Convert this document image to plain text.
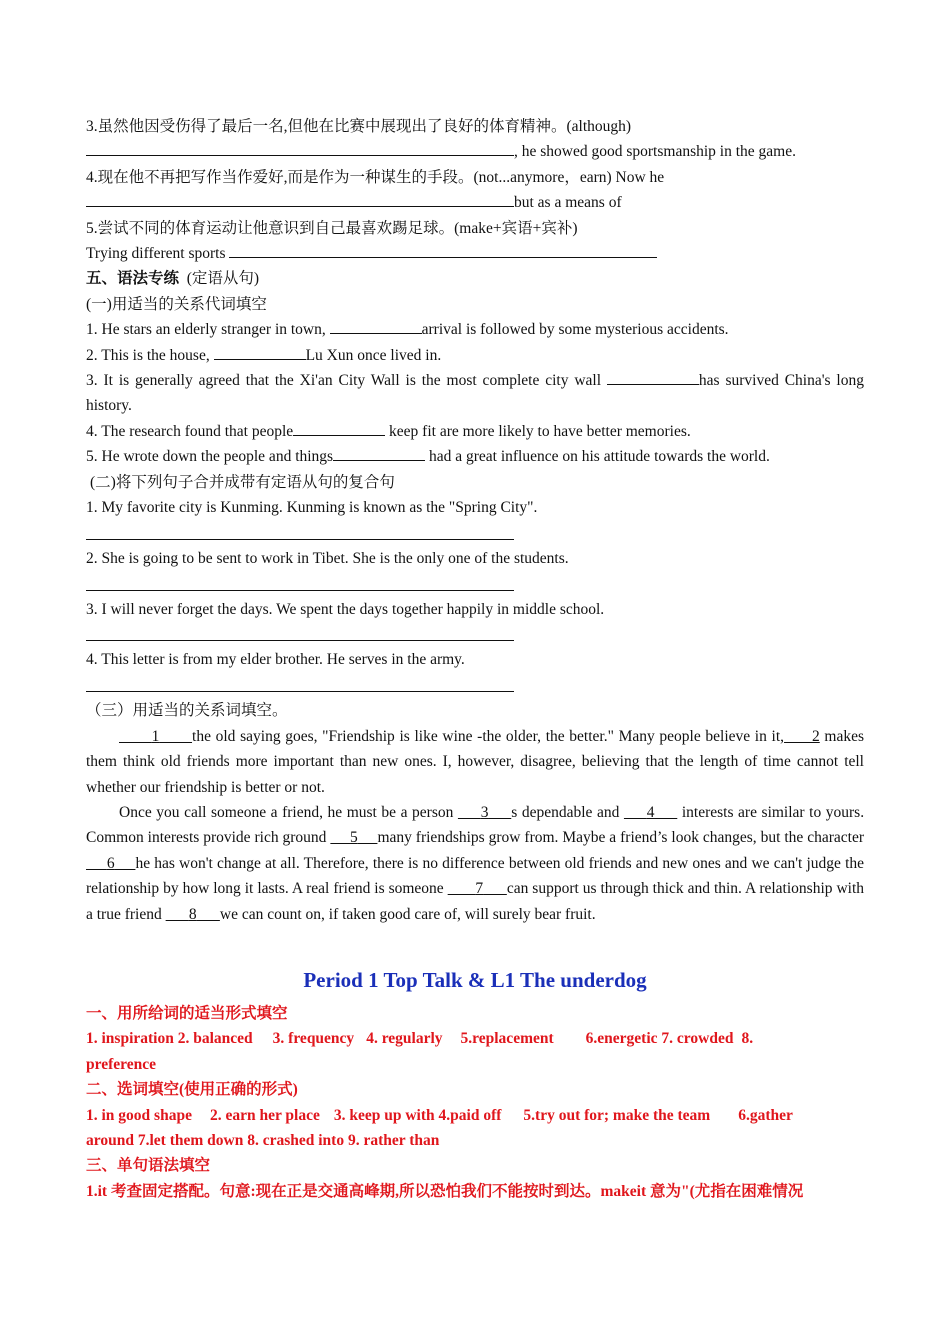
3.虽然他因受伤得了最后一名,但他在比赛中展现出了良好的体育精神。(although)
, he showed good sportsmanship in the game.
4.现在他不再把写作当作爱好,而是作为一种谋生的手段。(not...anymore，earn) Now he
but as a means of
5.尝试不同的体育运动让他意识到自己最喜欢踢足球。(make+宾语+宾补)
Trying different sports
五、语法专练 (定语从句)
(一)用适当的关系代词填空
1. He stars an elderly stranger in town,	arrival is followed by some mysterious accidents.
2. This is the house,	Lu Xun once lived in.
3. It is generally agreed that the Xi'an City Wall is the most complete city wall	has survived China's long history.
4. The research found that people	keep fit are more likely to have better memories.
5. He wrote down the people and things	had a great influence on his attitude towards the world.
(二)将下列句子合并成带有定语从句的复合句
1. My favorite city is Kunming. Kunming is known as the "Spring City".
2. She is going to be sent to work in Tibet. She is the only one of the students.
3. I will never forget the days. We spent the days together happily in middle school.
4. This letter is from my elder brother. He serves in the army.
（三）用适当的关系词填空。
1 the old saying goes, "Friendship is like wine -the older, the better." Many people believe in it, 2 makes them think old friends more important than new ones. I, however, disagree, believing that the length of time cannot tell whether our friendship is better or not.
Once you call someone a friend, he must be a person 3 s dependable and 4 interests are similar to yours. Common interests provide rich ground 5 many friendships grow from. Maybe a friend’s look changes, but the character      6 he has won't change at all. Therefore, there is no difference between old friends and new ones and we can't judge the relationship by how long it lasts. A real friend is someone 7 can support us through thick and thin. A relationship with a true friend 8 we can count on, if taken good care of, will surely bear fruit.
Period 1 Top Talk & L1 The underdog
一、用所给词的适当形式填空
1. inspiration 2. balanced 3. frequency 4. regularly 5.replacement 6.energetic 7. crowded 8.
preference
二、选词填空(使用正确的形式)
1. in good shape 2. earn her place 3. keep up with 4.paid off 5.try out for; make the team 6.gather
around 7.let them down 8. crashed into 9. rather than
三、单句语法填空
1.it 考查固定搭配。句意:现在正是交通高峰期,所以恐怕我们不能按时到达。makeit 意为"(尤指在困难情况
